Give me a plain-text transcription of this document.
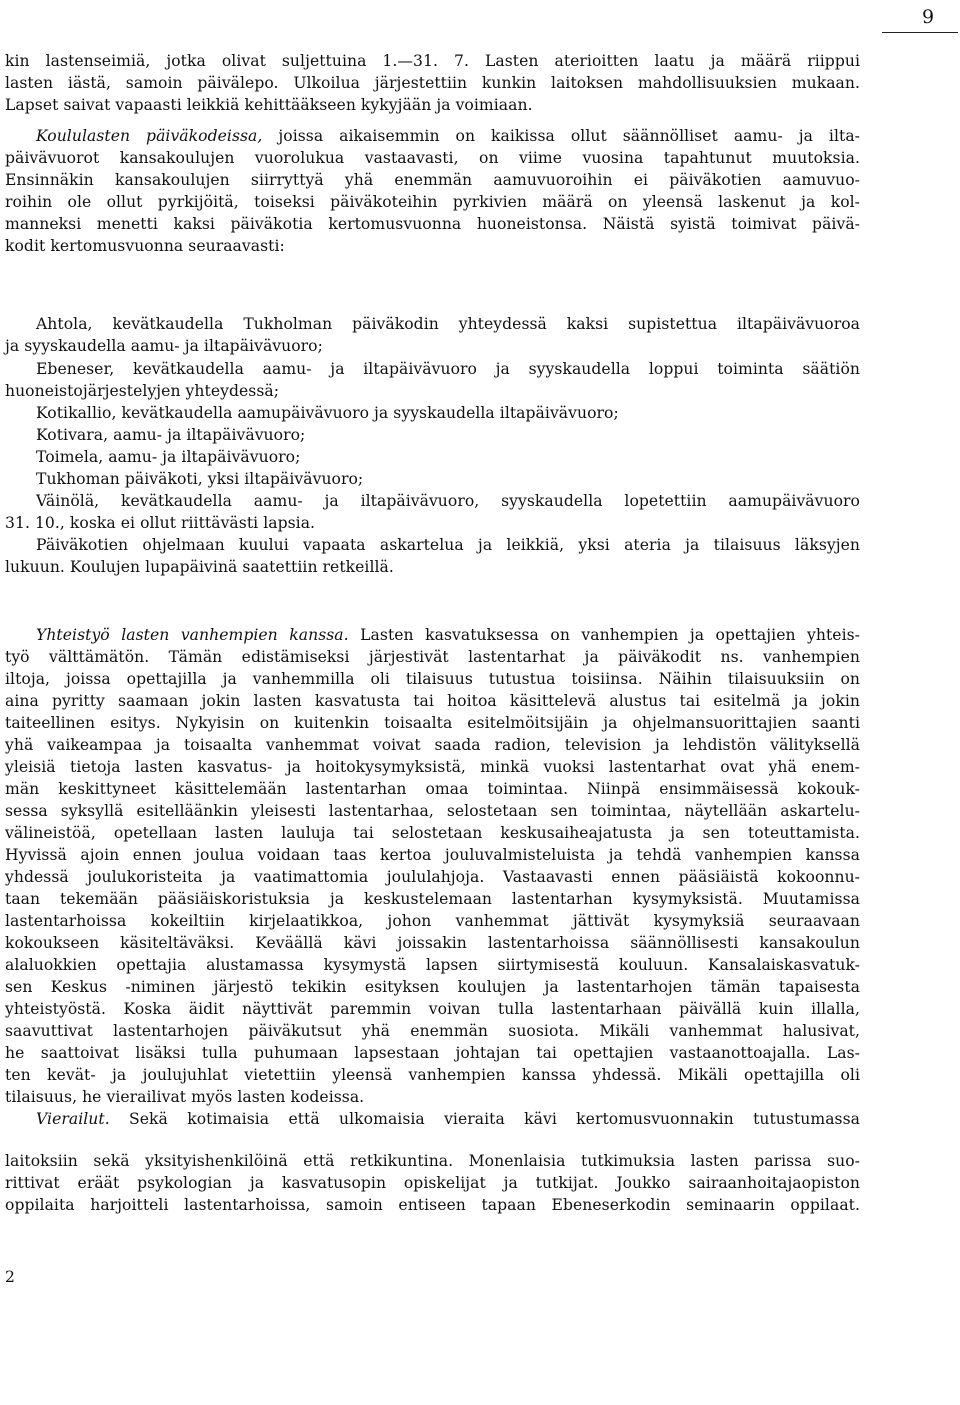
9
kin lastenseimiä, jotka olivat suljettuina 1.—31. 7. Lasten aterioitten laatu ja määrä riippui
lasten iästä, samoin päivälepo. Ulkoilua järjestettiin kunkin laitoksen mahdollisuuksien mukaan.
Lapset saivat vapaasti leikkiä kehittääkseen kykyjään ja voimiaan.
Koululasten päiväkodeissa, joissa aikaisemmin on kaikissa ollut säännölliset aamu- ja ilta-
päivävuorot kansakoulujen vuorolukua vastaavasti, on viime vuosina tapahtunut muutoksia.
Ensinnäkin kansakoulujen siirryttyä yhä enemmän aamuvuoroihin ei päiväkotien aamuvuo-
roihin ole ollut pyrkijöitä, toiseksi päiväkoteihin pyrkivien määrä on yleensä laskenut ja kol-
manneksi menetti kaksi päiväkotia kertomusvuonna huoneistonsa. Näistä syistä toimivat päivä-
kodit kertomusvuonna seuraavasti:
Ahtola, kevätkaudella Tukholman päiväkodin yhteydessä kaksi supistettua iltapäivävuoroa
ja syyskaudella aamu- ja iltapäivävuoro;
Ebeneser, kevätkaudella aamu- ja iltapäivävuoro ja syyskaudella loppui toiminta säätiön
huoneistojärjestelyjen yhteydessä;
Kotikallio, kevätkaudella aamupäivävuoro ja syyskaudella iltapäivävuoro;
Kotivara, aamu- ja iltapäivävuoro;
Toimela, aamu- ja iltapäivävuoro;
Tukhoman päiväkoti, yksi iltapäivävuoro;
Väinölä, kevätkaudella aamu- ja iltapäivävuoro, syyskaudella lopetettiin aamupäivävuoro
31. 10., koska ei ollut riittävästi lapsia.
Päiväkotien ohjelmaan kuului vapaata askartelua ja leikkiä, yksi ateria ja tilaisuus läksyjen
lukuun. Koulujen lupapäivinä saatettiin retkeillä.
Yhteistyö lasten vanhempien kanssa. Lasten kasvatuksessa on vanhempien ja opettajien yhteis-
työ välttämätön. Tämän edistämiseksi järjestivät lastentarhat ja päiväkodit ns. vanhempien
iltoja, joissa opettajilla ja vanhemmilla oli tilaisuus tutustua toisiinsa. Näihin tilaisuuksiin on
aina pyritty saamaan jokin lasten kasvatusta tai hoitoa käsittelevä alustus tai esitelmä ja jokin
taiteellinen esitys. Nykyisin on kuitenkin toisaalta esitelmöitsijäin ja ohjelmansuorittajien saanti
yhä vaikeampaa ja toisaalta vanhemmat voivat saada radion, television ja lehdistön välityksellä
yleisiä tietoja lasten kasvatus- ja hoitokysymyksistä, minkä vuoksi lastentarhat ovat yhä enem-
män keskittyneet käsittelemään lastentarhan omaa toimintaa. Niinpä ensimmäisessä kokouk-
sessa syksyllä esitelläänkin yleisesti lastentarhaa, selostetaan sen toimintaa, näytellään askartelu-
välineistöä, opetellaan lasten lauluja tai selostetaan keskusaiheajatusta ja sen toteuttamista.
Hyvissä ajoin ennen joulua voidaan taas kertoa jouluvalmisteluista ja tehdä vanhempien kanssa
yhdessä joulukoristeita ja vaatimattomia joululahjoja. Vastaavasti ennen pääsiäistä kokoonnu-
taan tekemään pääsiäiskoristuksia ja keskustelemaan lastentarhan kysymyksistä. Muutamissa
lastentarhoissa kokeiltiin kirjelaatikkoa, johon vanhemmat jättivät kysymyksiä seuraavaan
kokoukseen käsiteltäväksi. Keväällä kävi joissakin lastentarhoissa säännöllisesti kansakoulun
alaluokkien opettajia alustamassa kysymystä lapsen siirtymisestä kouluun. Kansalaiskasvatuk-
sen Keskus -niminen järjestö tekikin esityksen koulujen ja lastentarhojen tämän tapaisesta
yhteistyöstä. Koska äidit näyttivät paremmin voivan tulla lastentarhaan päivällä kuin illalla,
saavuttivat lastentarhojen päiväkutsut yhä enemmän suosiota. Mikäli vanhemmat halusivat,
he saattoivat lisäksi tulla puhumaan lapsestaan johtajan tai opettajien vastaanottoajalla. Las-
ten kevät- ja joulujuhlat vietettiin yleensä vanhempien kanssa yhdessä. Mikäli opettajilla oli
tilaisuus, he vierailivat myös lasten kodeissa.
Vierailut. Sekä kotimaisia että ulkomaisia vieraita kävi kertomusvuonnakin tutustumassa
laitoksiin sekä yksityishenkilöinä että retkikuntina. Monenlaisia tutkimuksia lasten parissa suo-
rittivat eräät psykologian ja kasvatusopin opiskelijat ja tutkijat. Joukko sairaanhoitajaopiston
oppilaita harjoitteli lastentarhoissa, samoin entiseen tapaan Ebeneserkodin seminaarin oppilaat.
2
